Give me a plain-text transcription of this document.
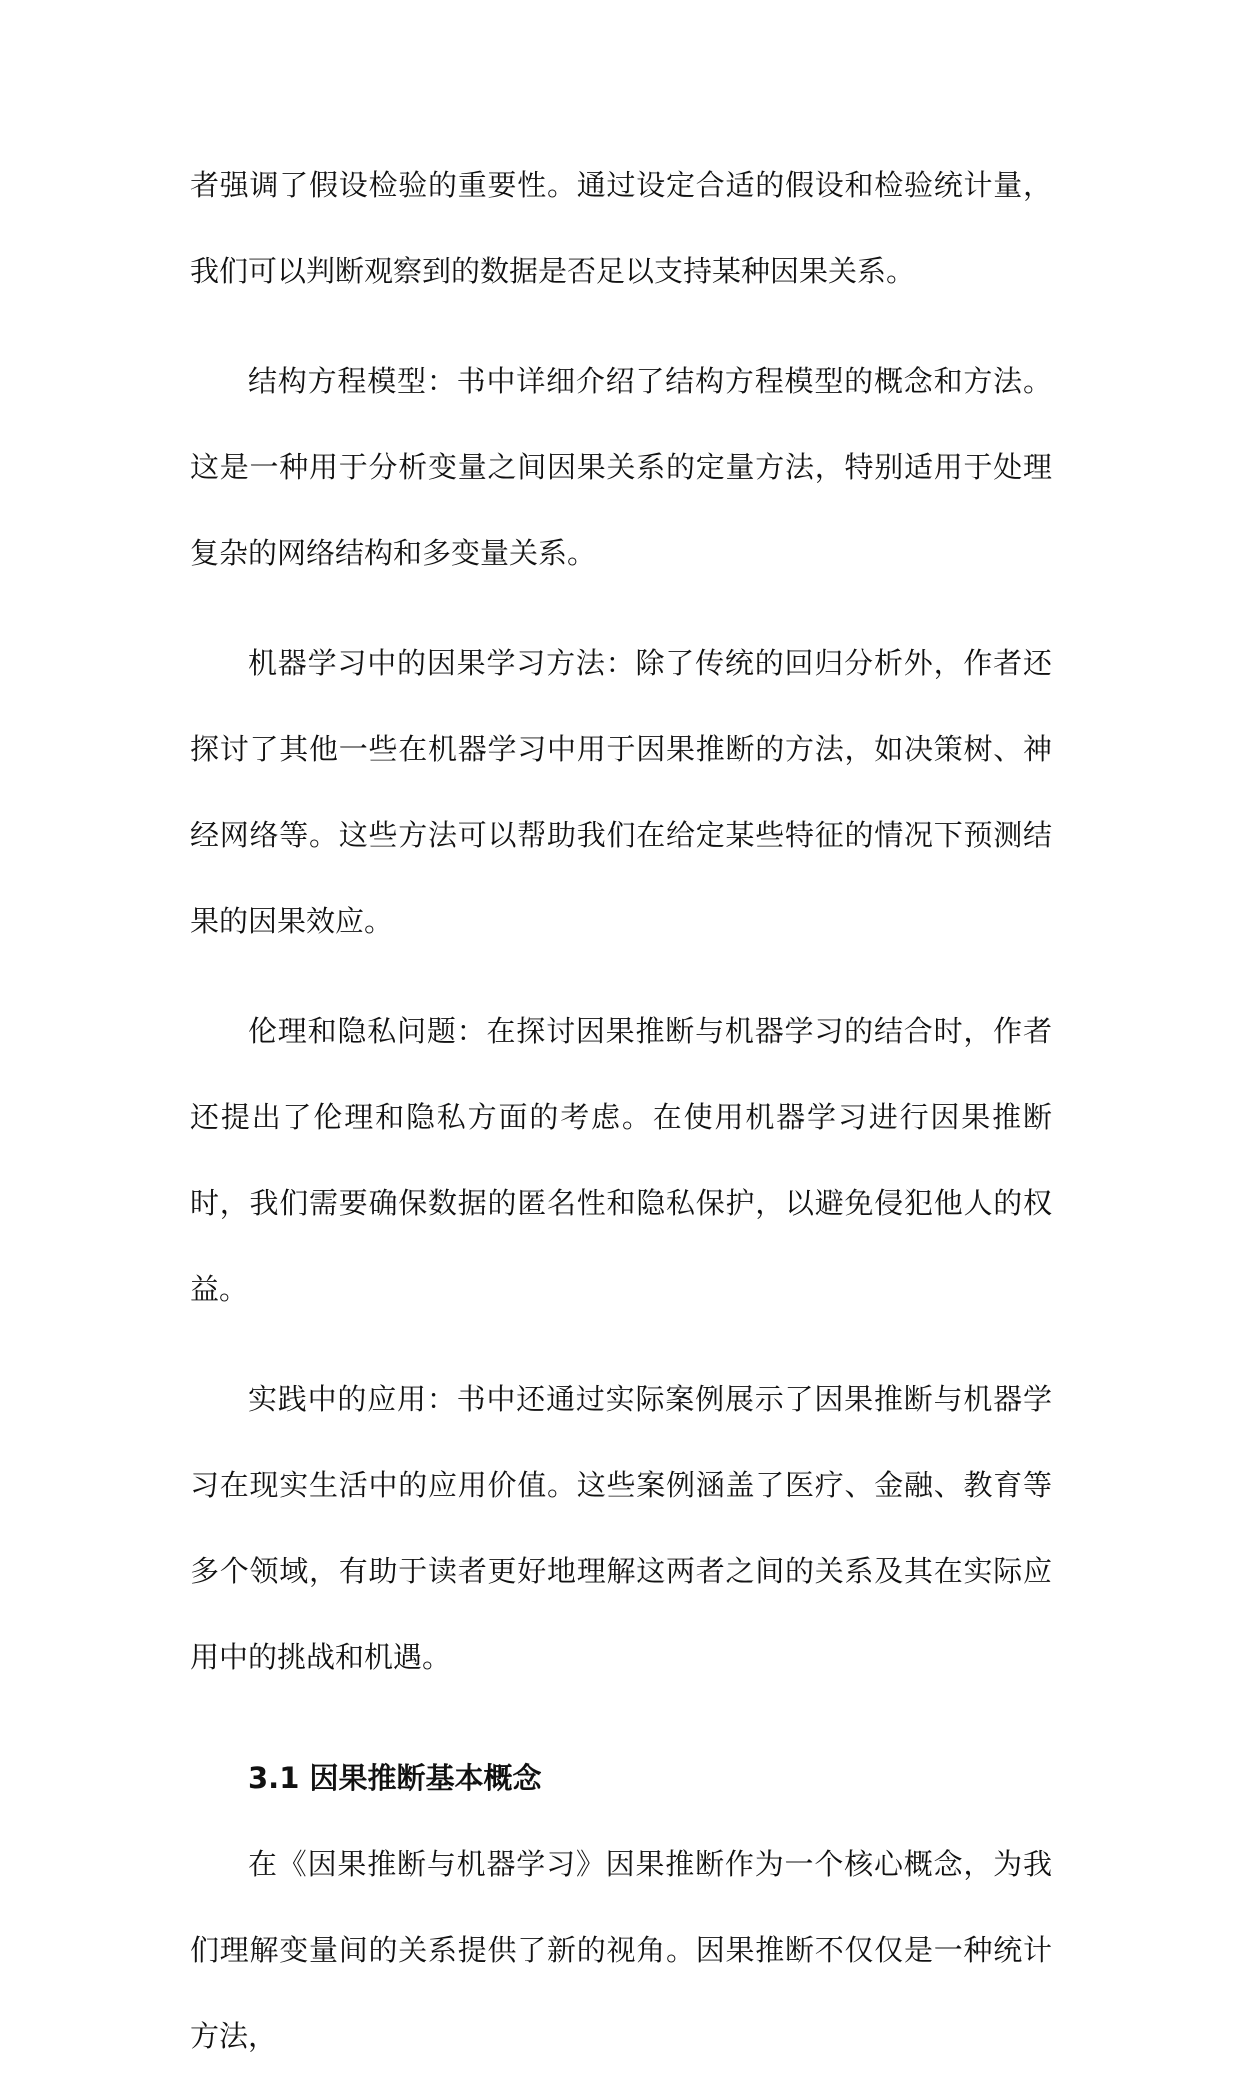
者强调了假设检验的重要性。通过设定合适的假设和检验统计量，我们可以判断观察到的数据是否足以支持某种因果关系。

结构方程模型：书中详细介绍了结构方程模型的概念和方法。这是一种用于分析变量之间因果关系的定量方法，特别适用于处理复杂的网络结构和多变量关系。

机器学习中的因果学习方法：除了传统的回归分析外，作者还探讨了其他一些在机器学习中用于因果推断的方法，如决策树、神经网络等。这些方法可以帮助我们在给定某些特征的情况下预测结果的因果效应。

伦理和隐私问题：在探讨因果推断与机器学习的结合时，作者还提出了伦理和隐私方面的考虑。在使用机器学习进行因果推断时，我们需要确保数据的匿名性和隐私保护，以避免侵犯他人的权益。

实践中的应用：书中还通过实际案例展示了因果推断与机器学习在现实生活中的应用价值。这些案例涵盖了医疗、金融、教育等多个领域，有助于读者更好地理解这两者之间的关系及其在实际应用中的挑战和机遇。

3.1 因果推断基本概念

在《因果推断与机器学习》因果推断作为一个核心概念，为我们理解变量间的关系提供了新的视角。因果推断不仅仅是一种统计方法，
